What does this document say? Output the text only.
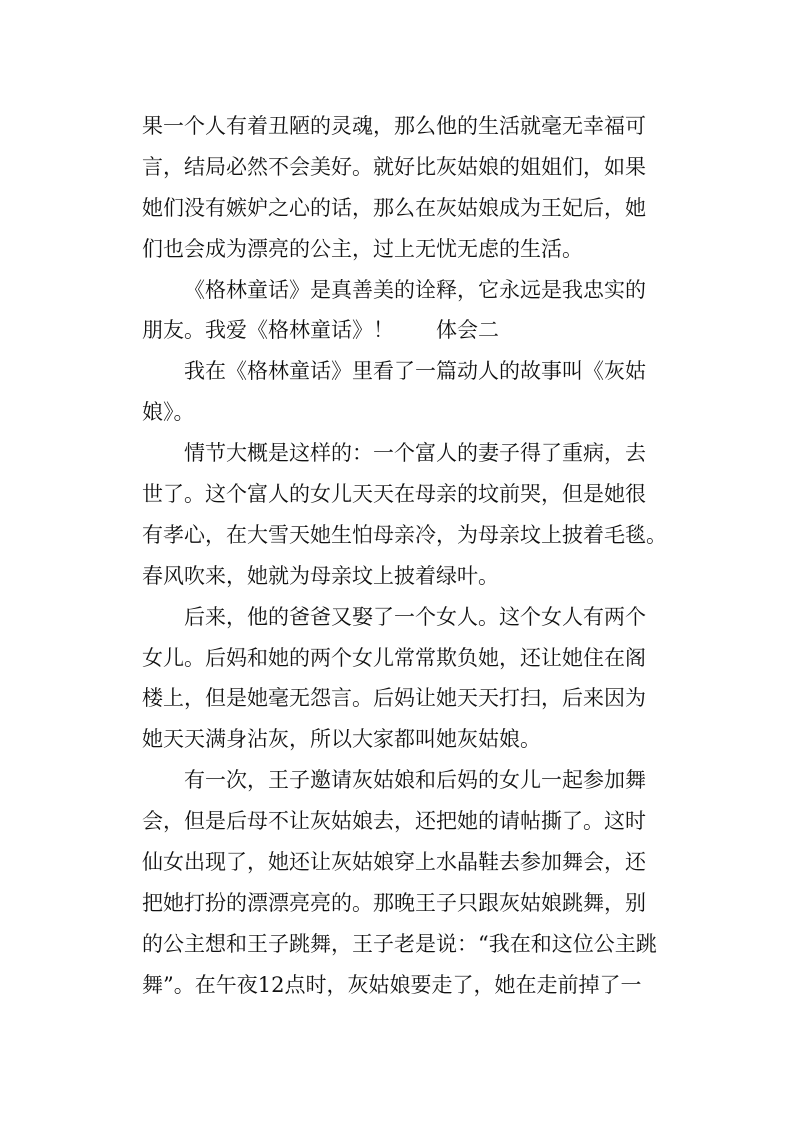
果一个人有着丑陋的灵魂，那么他的生活就毫无幸福可
言，结局必然不会美好。就好比灰姑娘的姐姐们，如果
她们没有嫉妒之心的话，那么在灰姑娘成为王妃后，她
们也会成为漂亮的公主，过上无忧无虑的生活。
《格林童话》是真善美的诠释，它永远是我忠实的
朋友。我爱《格林童话》！　　体会二
我在《格林童话》里看了一篇动人的故事叫《灰姑
娘》。
情节大概是这样的：一个富人的妻子得了重病，去
世了。这个富人的女儿天天在母亲的坟前哭，但是她很
有孝心，在大雪天她生怕母亲冷，为母亲坟上披着毛毯。
春风吹来，她就为母亲坟上披着绿叶。
后来，他的爸爸又娶了一个女人。这个女人有两个
女儿。后妈和她的两个女儿常常欺负她，还让她住在阁
楼上，但是她毫无怨言。后妈让她天天打扫，后来因为
她天天满身沾灰，所以大家都叫她灰姑娘。
有一次，王子邀请灰姑娘和后妈的女儿一起参加舞
会，但是后母不让灰姑娘去，还把她的请帖撕了。这时
仙女出现了，她还让灰姑娘穿上水晶鞋去参加舞会，还
把她打扮的漂漂亮亮的。那晚王子只跟灰姑娘跳舞，别
的公主想和王子跳舞，王子老是说：“我在和这位公主跳
舞”。在午夜12点时，灰姑娘要走了，她在走前掉了一
